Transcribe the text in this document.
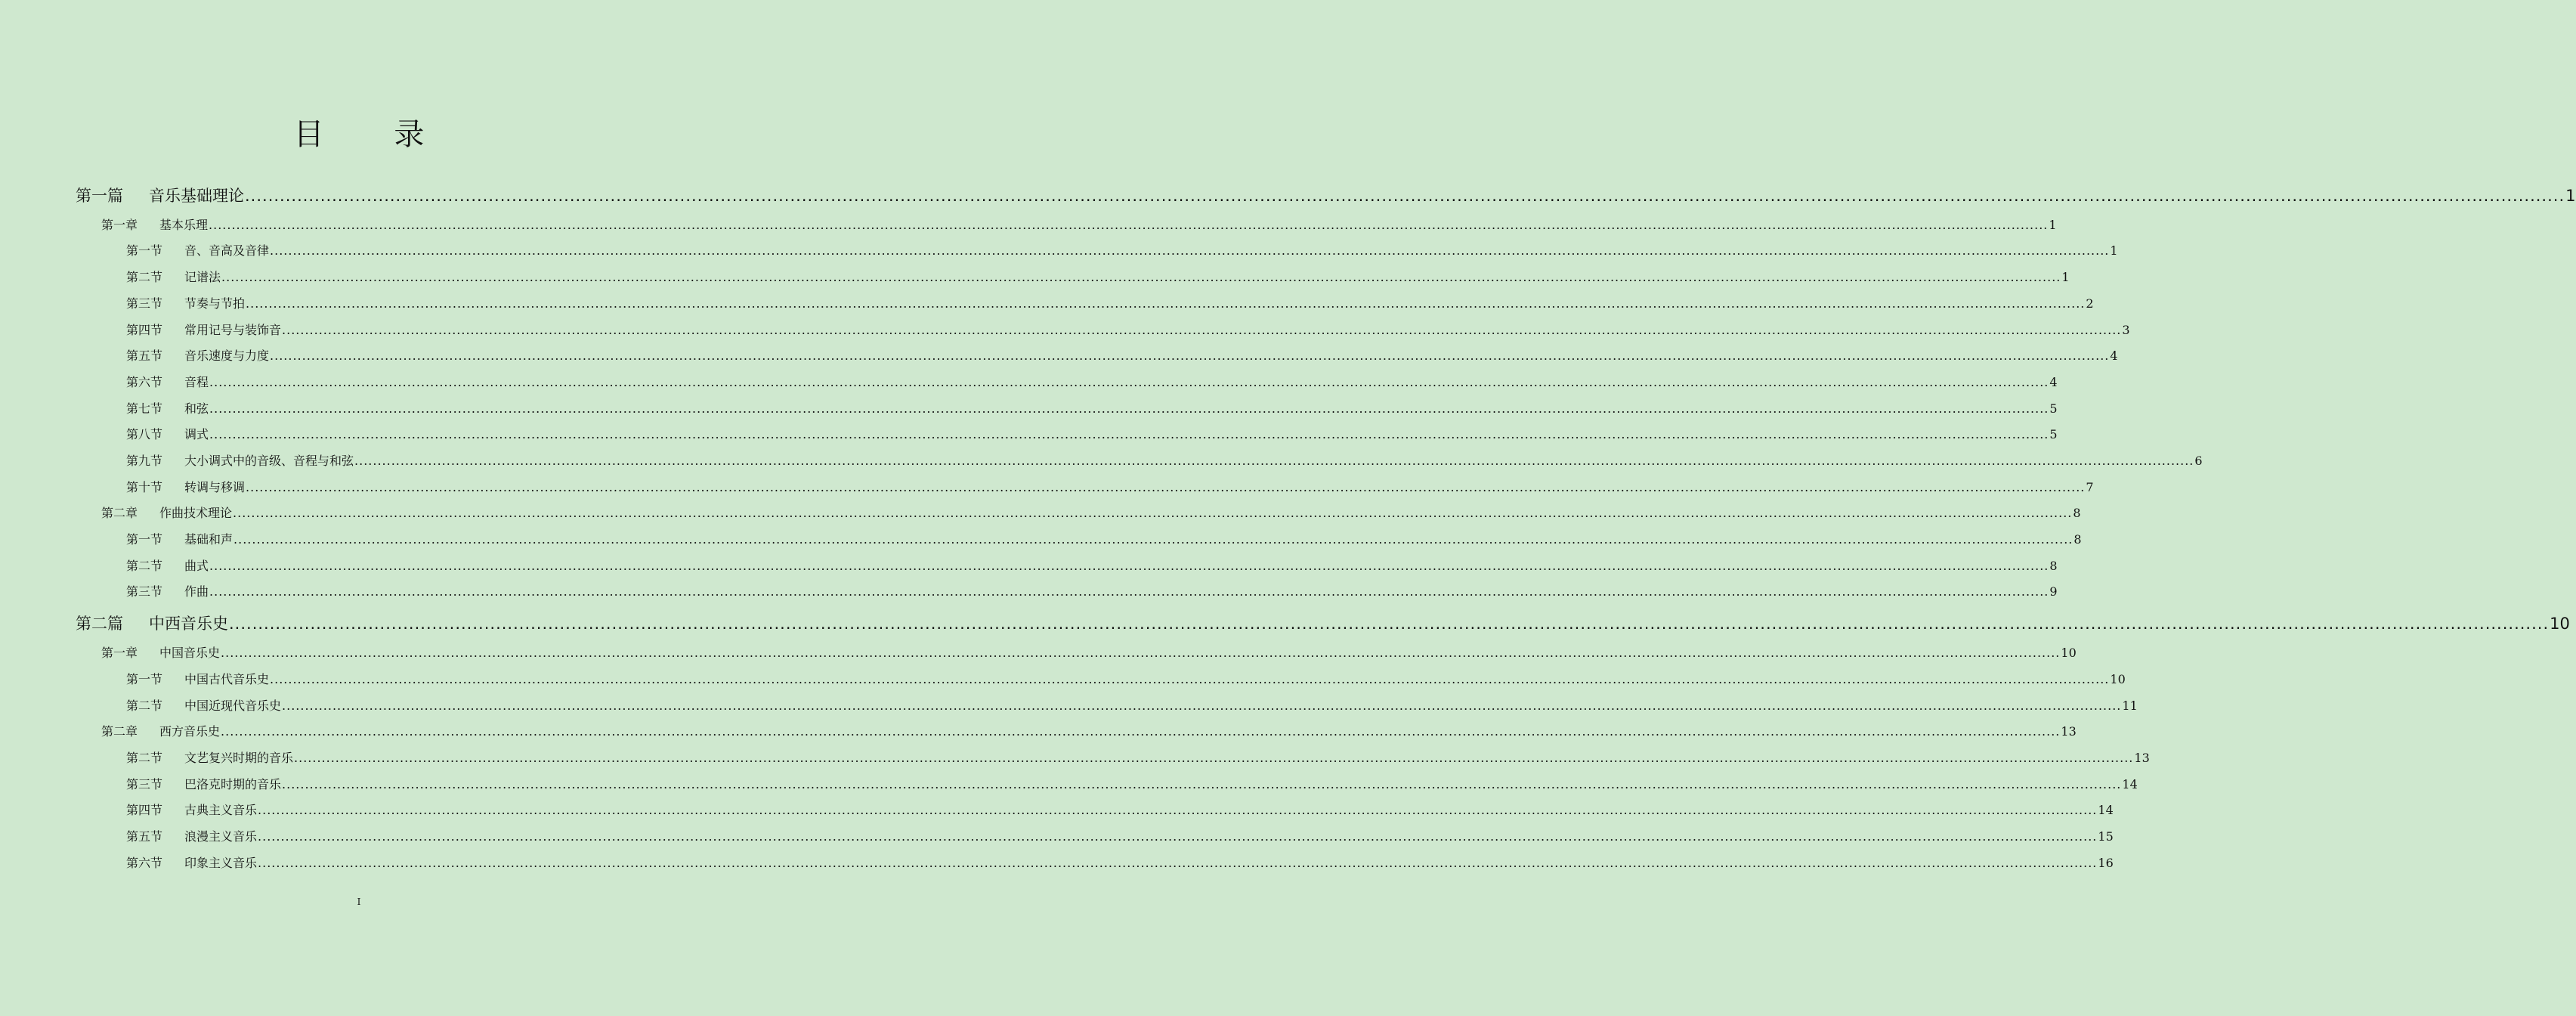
目 录
第一篇 音乐基础理论 ................................................................................................................................................................................................................................................................................................................................................................................................................ 1
第一章 基本乐理 ................................................................................................................................................................................................................................................................................................................................................................................................................ 1
第一节 音、音高及音律 ................................................................................................................................................................................................................................................................................................................................................................................................................ 1
第二节 记谱法 ................................................................................................................................................................................................................................................................................................................................................................................................................ 1
第三节 节奏与节拍 ................................................................................................................................................................................................................................................................................................................................................................................................................ 2
第四节 常用记号与装饰音 ................................................................................................................................................................................................................................................................................................................................................................................................................ 3
第五节 音乐速度与力度 ................................................................................................................................................................................................................................................................................................................................................................................................................ 4
第六节 音程 ................................................................................................................................................................................................................................................................................................................................................................................................................ 4
第七节 和弦 ................................................................................................................................................................................................................................................................................................................................................................................................................ 5
第八节 调式 ................................................................................................................................................................................................................................................................................................................................................................................................................ 5
第九节 大小调式中的音级、音程与和弦 ................................................................................................................................................................................................................................................................................................................................................................................................................ 6
第十节 转调与移调 ................................................................................................................................................................................................................................................................................................................................................................................................................ 7
第二章 作曲技术理论 ................................................................................................................................................................................................................................................................................................................................................................................................................ 8
第一节 基础和声 ................................................................................................................................................................................................................................................................................................................................................................................................................ 8
第二节 曲式 ................................................................................................................................................................................................................................................................................................................................................................................................................ 8
第三节 作曲 ................................................................................................................................................................................................................................................................................................................................................................................................................ 9
第二篇 中西音乐史 ................................................................................................................................................................................................................................................................................................................................................................................................................ 10
第一章 中国音乐史 ................................................................................................................................................................................................................................................................................................................................................................................................................ 10
第一节 中国古代音乐史 ................................................................................................................................................................................................................................................................................................................................................................................................................ 10
第二节 中国近现代音乐史 ................................................................................................................................................................................................................................................................................................................................................................................................................ 11
第二章 西方音乐史 ................................................................................................................................................................................................................................................................................................................................................................................................................ 13
第二节 文艺复兴时期的音乐 ................................................................................................................................................................................................................................................................................................................................................................................................................ 13
第三节 巴洛克时期的音乐 ................................................................................................................................................................................................................................................................................................................................................................................................................ 14
第四节 古典主义音乐 ................................................................................................................................................................................................................................................................................................................................................................................................................ 14
第五节 浪漫主义音乐 ................................................................................................................................................................................................................................................................................................................................................................................................................ 15
第六节 印象主义音乐 ................................................................................................................................................................................................................................................................................................................................................................................................................ 16
I
